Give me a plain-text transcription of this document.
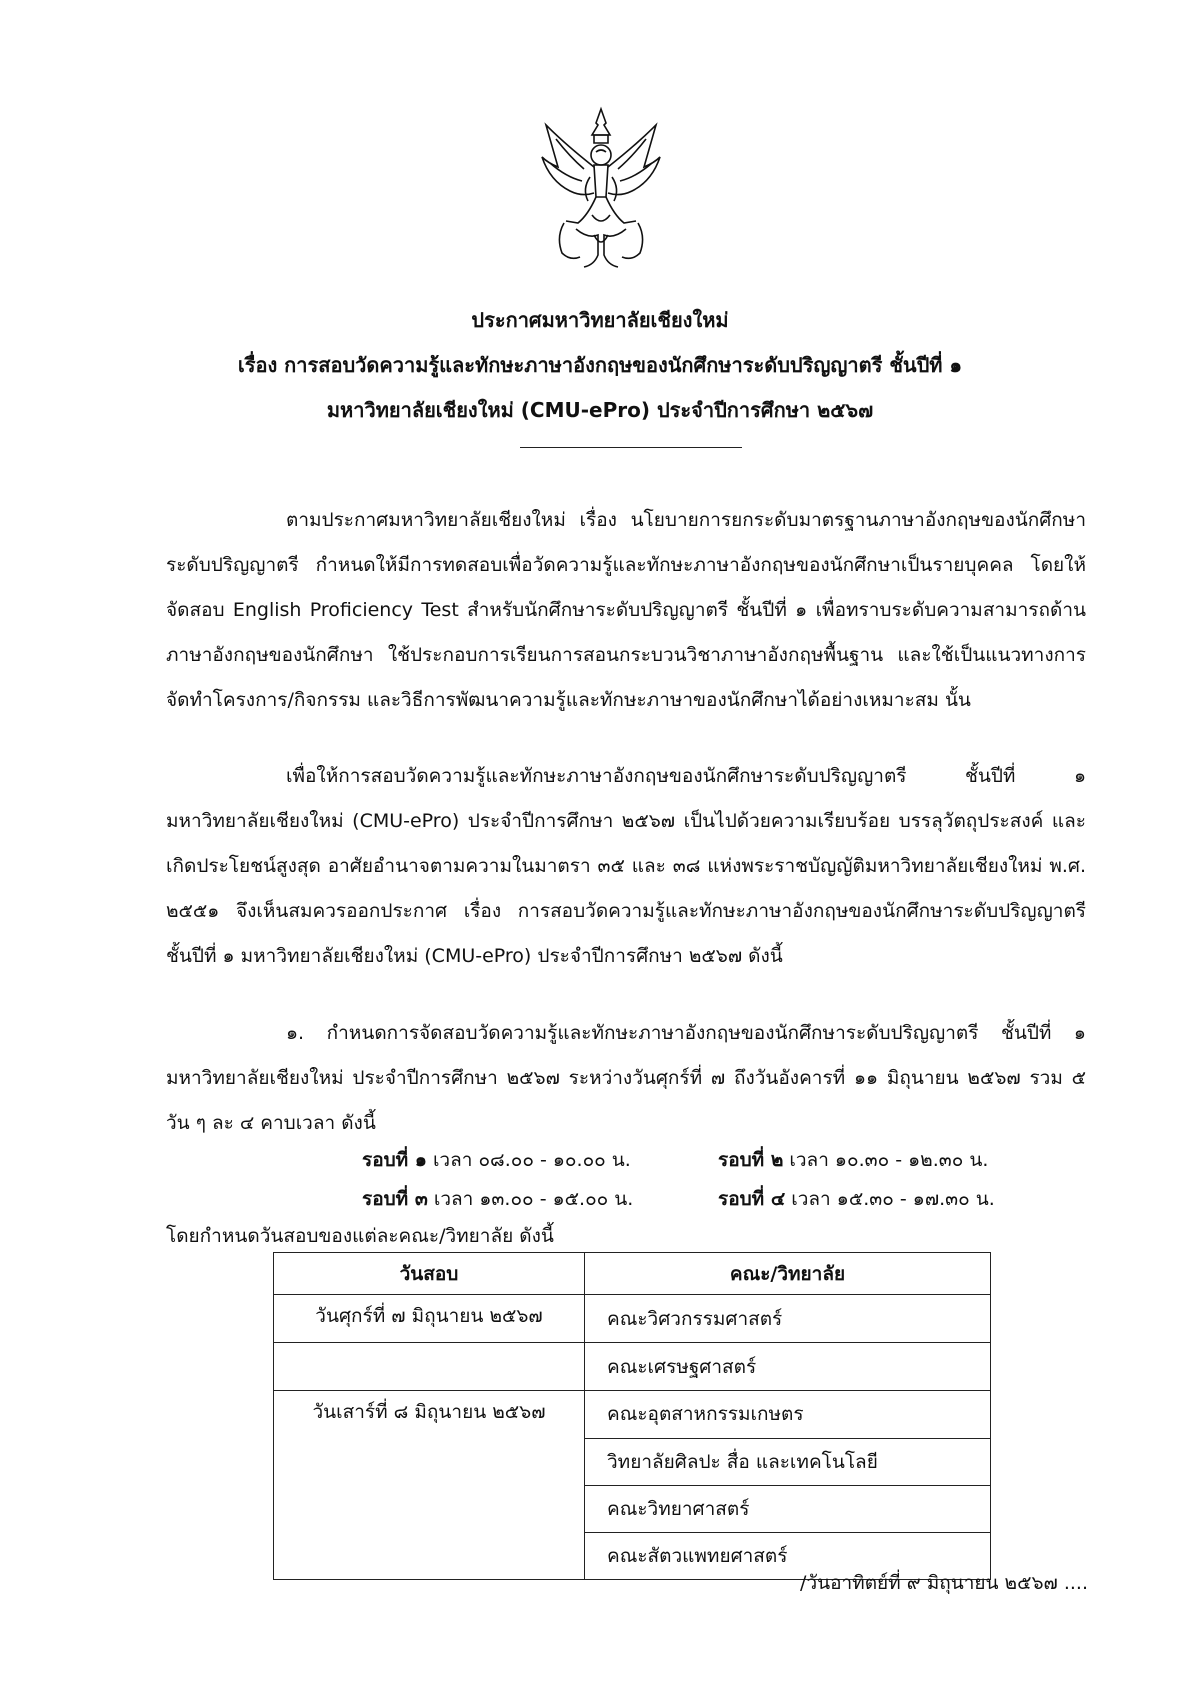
ประกาศมหาวิทยาลัยเชียงใหม่
เรื่อง การสอบวัดความรู้และทักษะภาษาอังกฤษของนักศึกษาระดับปริญญาตรี ชั้นปีที่ ๑
มหาวิทยาลัยเชียงใหม่ (CMU-ePro) ประจำปีการศึกษา ๒๕๖๗

ตามประกาศมหาวิทยาลัยเชียงใหม่ เรื่อง นโยบายการยกระดับมาตรฐานภาษาอังกฤษของนักศึกษาระดับปริญญาตรี กำหนดให้มีการทดสอบเพื่อวัดความรู้และทักษะภาษาอังกฤษของนักศึกษาเป็นรายบุคคล โดยให้จัดสอบ English Proficiency Test สำหรับนักศึกษาระดับปริญญาตรี ชั้นปีที่ ๑ เพื่อทราบระดับความสามารถด้านภาษาอังกฤษของนักศึกษา ใช้ประกอบการเรียนการสอนกระบวนวิชาภาษาอังกฤษพื้นฐาน และใช้เป็นแนวทางการจัดทำโครงการ/กิจกรรม และวิธีการพัฒนาความรู้และทักษะภาษาของนักศึกษาได้อย่างเหมาะสม นั้น

เพื่อให้การสอบวัดความรู้และทักษะภาษาอังกฤษของนักศึกษาระดับปริญญาตรี ชั้นปีที่ ๑ มหาวิทยาลัยเชียงใหม่ (CMU-ePro) ประจำปีการศึกษา ๒๕๖๗ เป็นไปด้วยความเรียบร้อย บรรลุวัตถุประสงค์ และเกิดประโยชน์สูงสุด อาศัยอำนาจตามความในมาตรา ๓๕ และ ๓๘ แห่งพระราชบัญญัติมหาวิทยาลัยเชียงใหม่ พ.ศ. ๒๕๕๑ จึงเห็นสมควรออกประกาศ เรื่อง การสอบวัดความรู้และทักษะภาษาอังกฤษของนักศึกษาระดับปริญญาตรี ชั้นปีที่ ๑ มหาวิทยาลัยเชียงใหม่ (CMU-ePro) ประจำปีการศึกษา ๒๕๖๗ ดังนี้

๑. กำหนดการจัดสอบวัดความรู้และทักษะภาษาอังกฤษของนักศึกษาระดับปริญญาตรี ชั้นปีที่ ๑ มหาวิทยาลัยเชียงใหม่ ประจำปีการศึกษา ๒๕๖๗ ระหว่างวันศุกร์ที่ ๗ ถึงวันอังคารที่ ๑๑ มิถุนายน ๒๕๖๗ รวม ๕ วัน ๆ ละ ๔ คาบเวลา ดังนี้

รอบที่ ๑ เวลา ๐๘.๐๐ - ๑๐.๐๐ น.	รอบที่ ๒ เวลา ๑๐.๓๐ - ๑๒.๓๐ น.
รอบที่ ๓ เวลา ๑๓.๐๐ - ๑๕.๐๐ น.	รอบที่ ๔ เวลา ๑๕.๓๐ - ๑๗.๓๐ น.
โดยกำหนดวันสอบของแต่ละคณะ/วิทยาลัย ดังนี้
วันสอบ	คณะ/วิทยาลัย
วันศุกร์ที่ ๗ มิถุนายน ๒๕๖๗	คณะวิศวกรรมศาสตร์
	คณะเศรษฐศาสตร์
วันเสาร์ที่ ๘ มิถุนายน ๒๕๖๗	คณะอุตสาหกรรมเกษตร
	วิทยาลัยศิลปะ สื่อ และเทคโนโลยี
	คณะวิทยาศาสตร์
	คณะสัตวแพทยศาสตร์
/วันอาทิตย์ที่ ๙ มิถุนายน ๒๕๖๗ ....
